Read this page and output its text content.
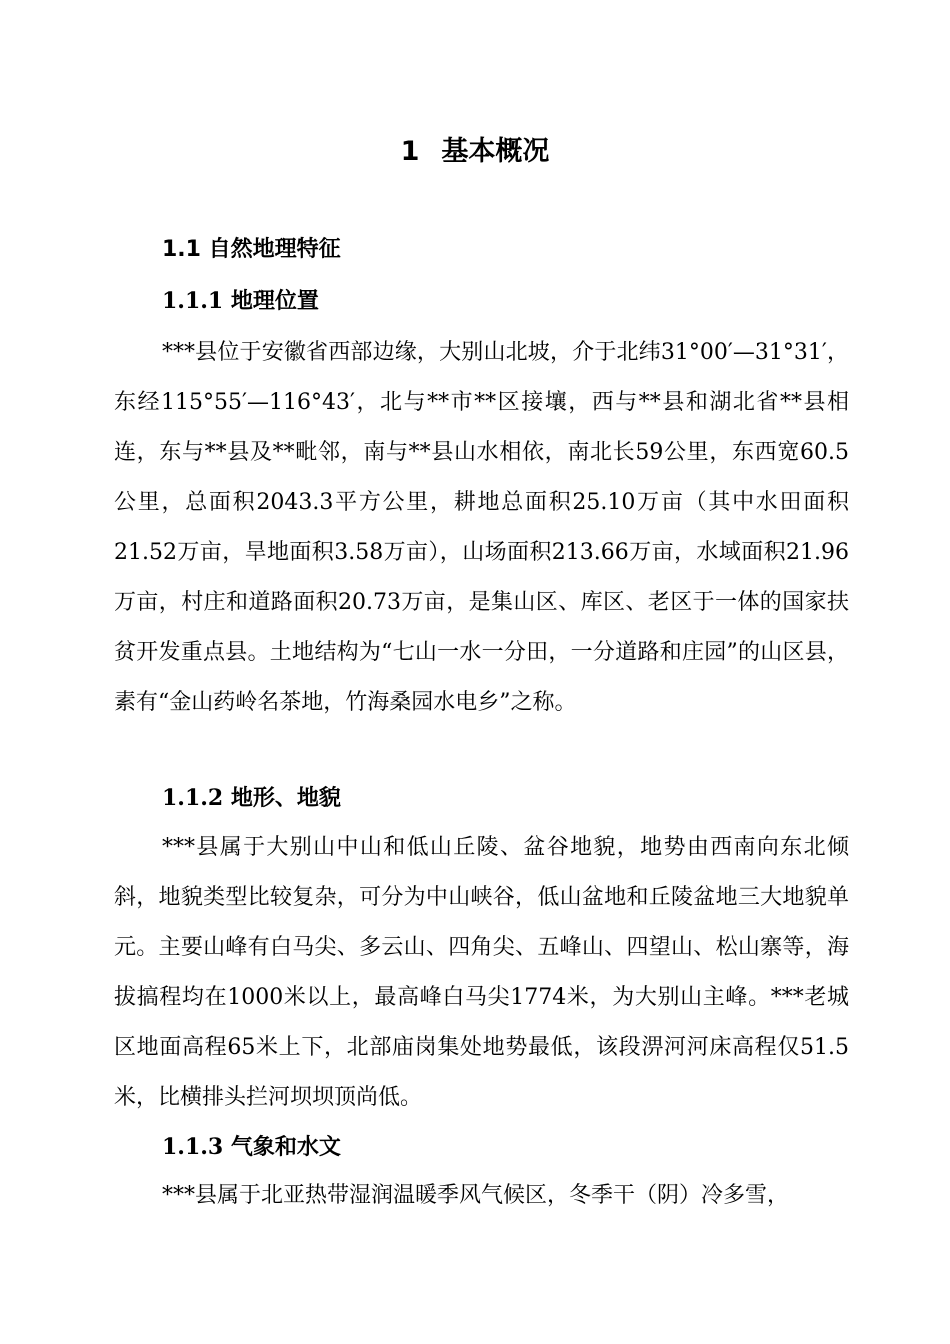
1 基本概况
1.1 自然地理特征
1.1.1 地理位置

***县位于安徽省西部边缘，大别山北坡，介于北纬31°00′—31°31′，东经115°55′—116°43′，北与**市**区接壤，西与**县和湖北省**县相连，东与**县及**毗邻，南与**县山水相依，南北长59公里，东西宽60.5公里，总面积2043.3平方公里，耕地总面积25.10万亩（其中水田面积21.52万亩，旱地面积3.58万亩），山场面积213.66万亩，水域面积21.96万亩，村庄和道路面积20.73万亩，是集山区、库区、老区于一体的国家扶贫开发重点县。土地结构为“七山一水一分田，一分道路和庄园”的山区县，素有“金山药岭名茶地，竹海桑园水电乡”之称。

1.1.2 地形、地貌

***县属于大别山中山和低山丘陵、盆谷地貌，地势由西南向东北倾斜，地貌类型比较复杂，可分为中山峡谷，低山盆地和丘陵盆地三大地貌单元。主要山峰有白马尖、多云山、四角尖、五峰山、四望山、松山寨等，海拔搞程均在1000米以上，最高峰白马尖1774米，为大别山主峰。***老城区地面高程65米上下，北部庙岗集处地势最低，该段淠河河床高程仅51.5米，比横排头拦河坝坝顶尚低。

1.1.3 气象和水文

***县属于北亚热带湿润温暖季风气候区，冬季干（阴）冷多雪，
